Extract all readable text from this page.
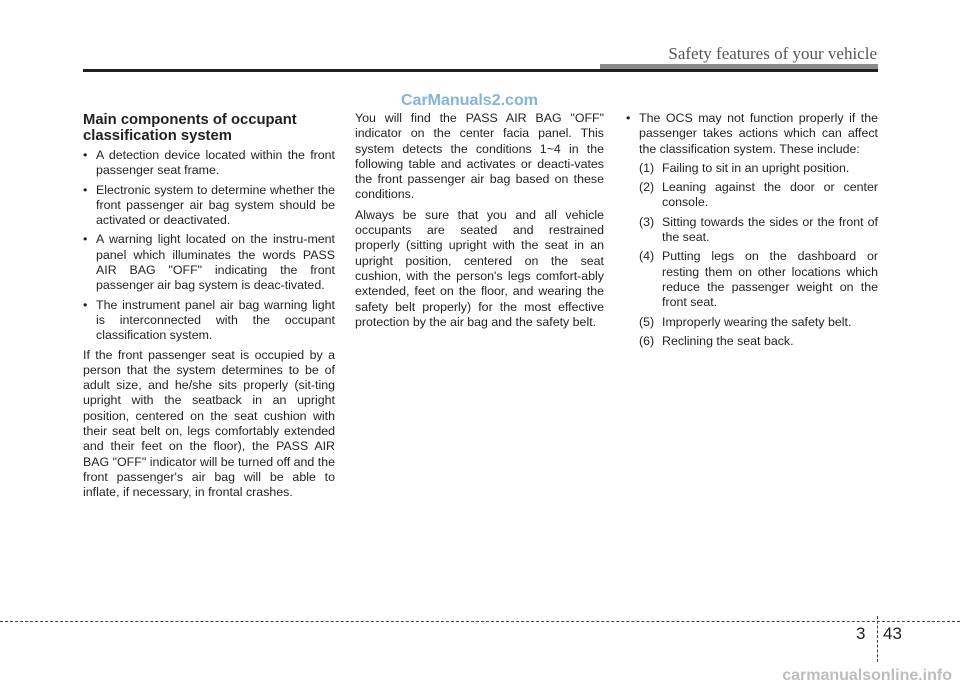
Safety features of your vehicle
CarManuals2.com
Main components of occupant classification system
• A detection device located within the front passenger seat frame.
• Electronic system to determine whether the front passenger air bag system should be activated or deactivated.
• A warning light located on the instru-ment panel which illuminates the words PASS AIR BAG "OFF" indicating the front passenger air bag system is deac-tivated.
• The instrument panel air bag warning light is interconnected with the occupant classification system.

If the front passenger seat is occupied by a person that the system determines to be of adult size, and he/she sits properly (sit-ting upright with the seatback in an upright position, centered on the seat cushion with their seat belt on, legs comfortably extended and their feet on the floor), the PASS AIR BAG "OFF" indicator will be turned off and the front passenger's air bag will be able to inflate, if necessary, in frontal crashes.

You will find the PASS AIR BAG "OFF" indicator on the center facia panel. This system detects the conditions 1~4 in the following table and activates or deacti-vates the front passenger air bag based on these conditions.

Always be sure that you and all vehicle occupants are seated and restrained properly (sitting upright with the seat in an upright position, centered on the seat cushion, with the person's legs comfort-ably extended, feet on the floor, and wearing the safety belt properly) for the most effective protection by the air bag and the safety belt.

• The OCS may not function properly if the passenger takes actions which can affect the classification system. These include:
(1) Failing to sit in an upright position.
(2) Leaning against the door or center console.
(3) Sitting towards the sides or the front of the seat.
(4) Putting legs on the dashboard or resting them on other locations which reduce the passenger weight on the front seat.
(5) Improperly wearing the safety belt.
(6) Reclining the seat back.
3 43
carmanualsonline.info
